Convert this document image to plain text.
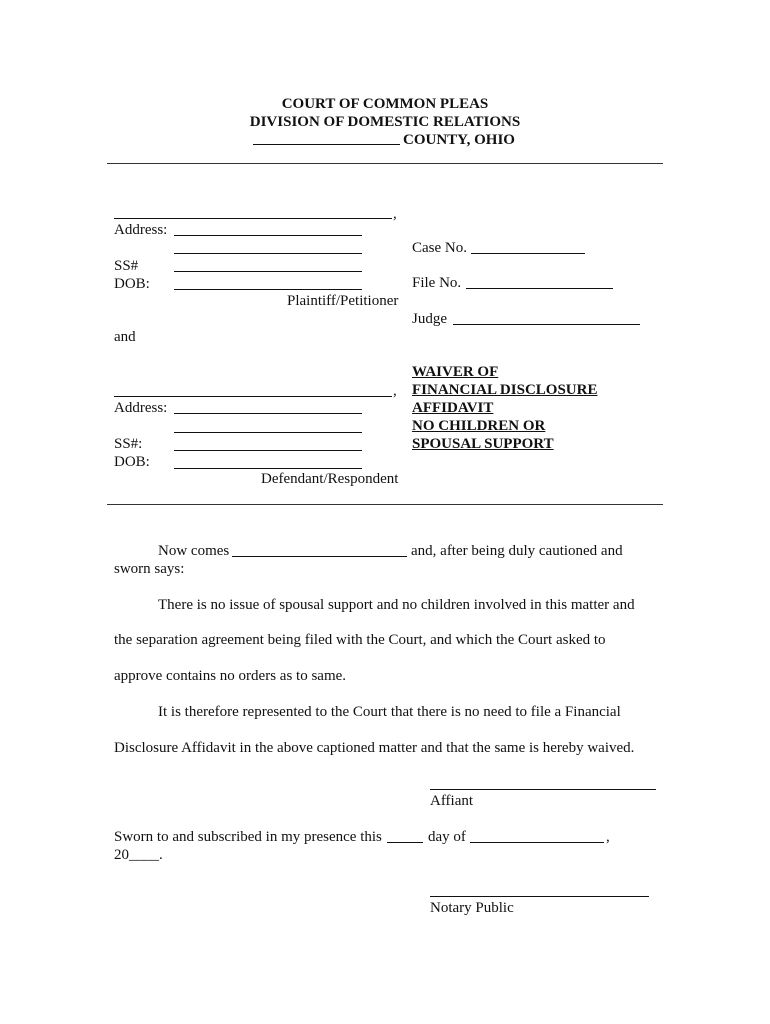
COURT OF COMMON PLEAS
DIVISION OF DOMESTIC RELATIONS
COUNTY, OHIO
,
Address:
SS#
DOB:
Plaintiff/Petitioner
Case No.
File No.
Judge
and
WAIVER OF
FINANCIAL DISCLOSURE
AFFIDAVIT
NO CHILDREN OR
SPOUSAL SUPPORT
,
Address:
SS#:
DOB:
Defendant/Respondent
Now comes	and, after being duly cautioned and
sworn says:
There is no issue of spousal support and no children involved in this matter and
the separation agreement being filed with the Court, and which the Court asked to
approve contains no orders as to same.
It is therefore represented to the Court that there is no need to file a Financial
Disclosure Affidavit in the above captioned matter and that the same is hereby waived.
Affiant
Sworn to and subscribed in my presence this	day of	,
20____.
Notary Public
